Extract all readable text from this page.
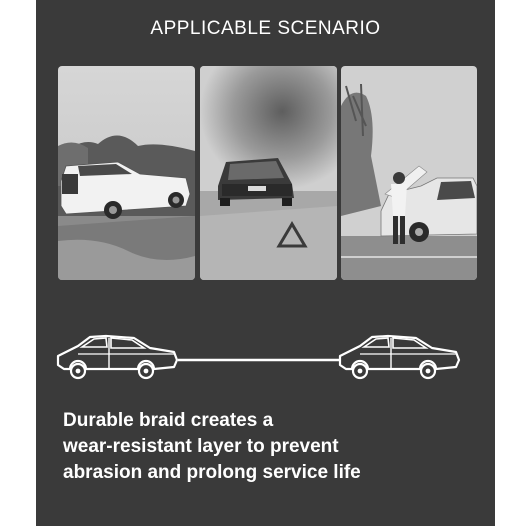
APPLICABLE SCENARIO
Durable braid creates a
wear-resistant layer to prevent
abrasion and prolong service life
